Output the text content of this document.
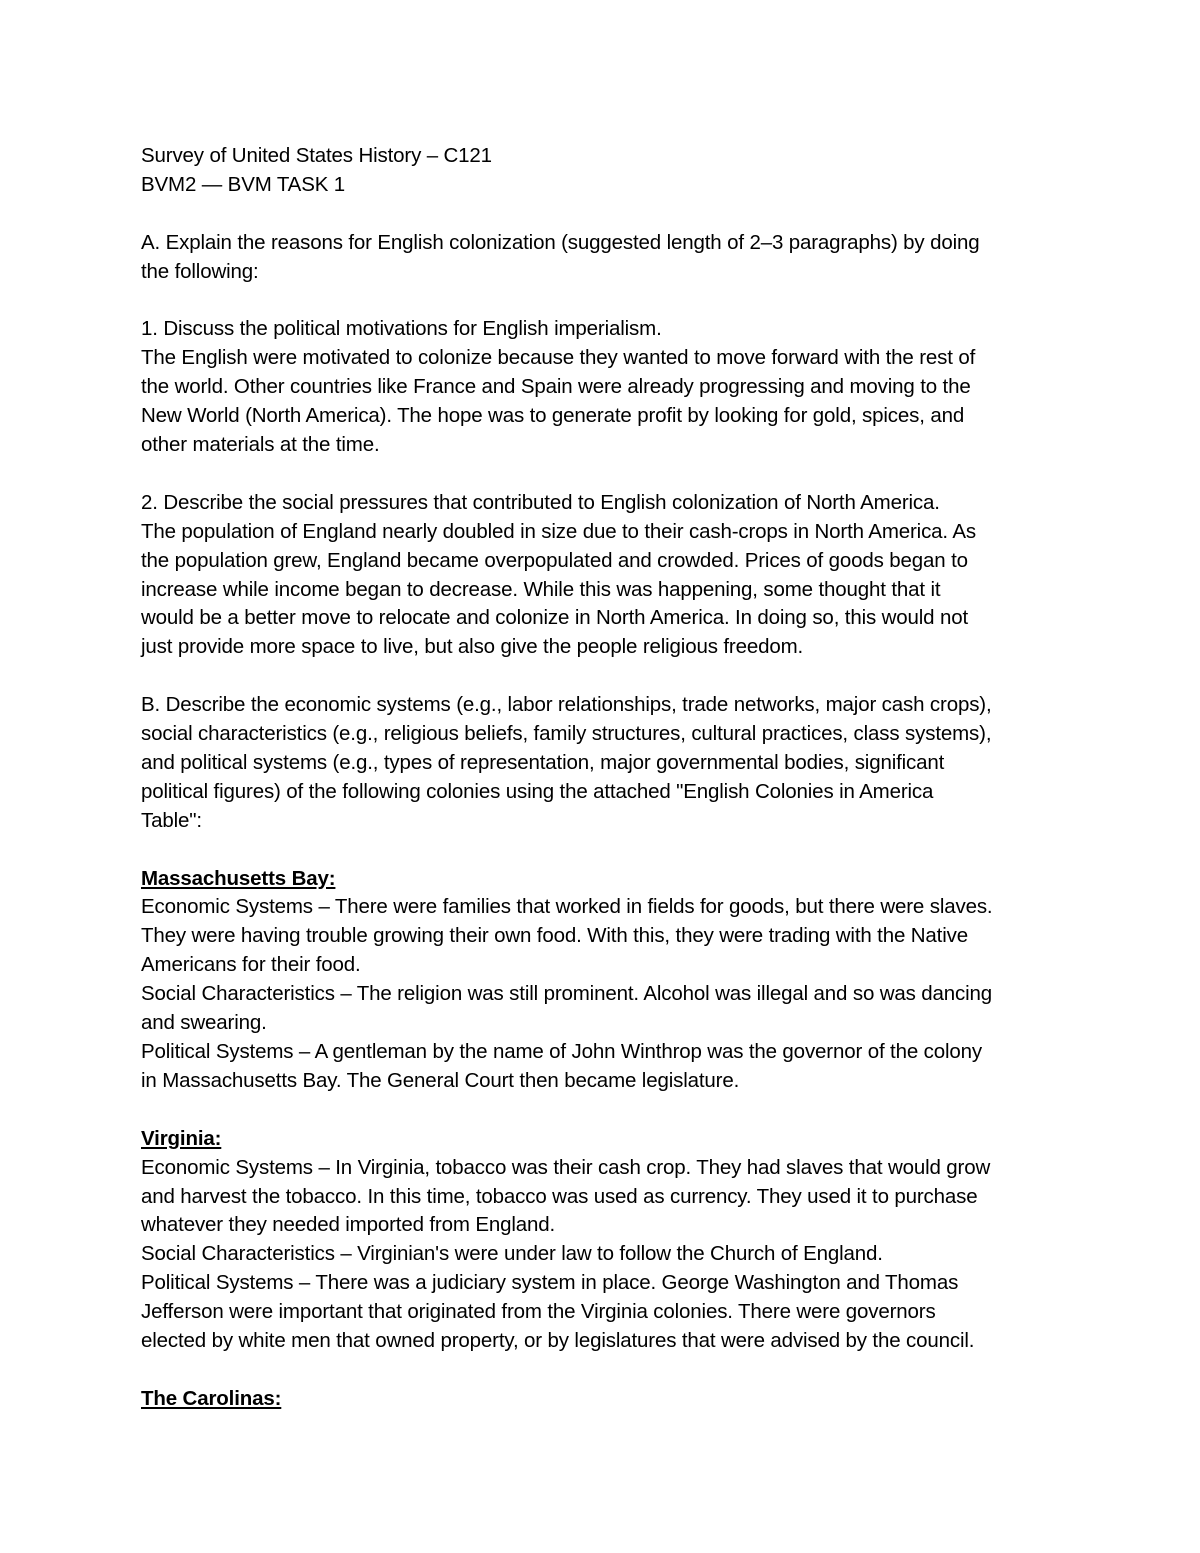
Survey of United States History – C121
BVM2 — BVM TASK 1
A. Explain the reasons for English colonization (suggested length of 2–3 paragraphs) by doing
the following:
1. Discuss the political motivations for English imperialism.
The English were motivated to colonize because they wanted to move forward with the rest of
the world. Other countries like France and Spain were already progressing and moving to the
New World (North America). The hope was to generate profit by looking for gold, spices, and
other materials at the time.
2. Describe the social pressures that contributed to English colonization of North America.
The population of England nearly doubled in size due to their cash-crops in North America. As
the population grew, England became overpopulated and crowded. Prices of goods began to
increase while income began to decrease. While this was happening, some thought that it
would be a better move to relocate and colonize in North America. In doing so, this would not
just provide more space to live, but also give the people religious freedom.
B. Describe the economic systems (e.g., labor relationships, trade networks, major cash crops),
social characteristics (e.g., religious beliefs, family structures, cultural practices, class systems),
and political systems (e.g., types of representation, major governmental bodies, significant
political figures) of the following colonies using the attached "English Colonies in America
Table":
Massachusetts Bay:
Economic Systems – There were families that worked in fields for goods, but there were slaves.
They were having trouble growing their own food. With this, they were trading with the Native
Americans for their food.
Social Characteristics – The religion was still prominent. Alcohol was illegal and so was dancing
and swearing.
Political Systems – A gentleman by the name of John Winthrop was the governor of the colony
in Massachusetts Bay. The General Court then became legislature.
Virginia:
Economic Systems – In Virginia, tobacco was their cash crop. They had slaves that would grow
and harvest the tobacco. In this time, tobacco was used as currency. They used it to purchase
whatever they needed imported from England.
Social Characteristics – Virginian's were under law to follow the Church of England.
Political Systems – There was a judiciary system in place. George Washington and Thomas
Jefferson were important that originated from the Virginia colonies. There were governors
elected by white men that owned property, or by legislatures that were advised by the council.
The Carolinas:
